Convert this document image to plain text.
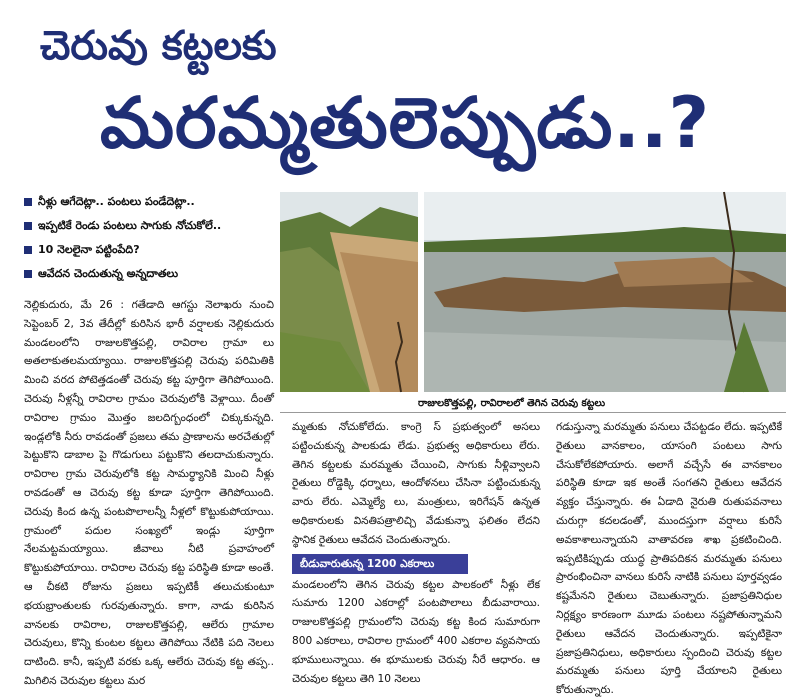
చెరువు కట్టలకు
మరమ్మతులెప్పుడు..?
నీళ్లు ఆగేదెట్లా.. పంటలు పండేదెట్లా..
ఇప్పటికే రెండు పంటలు సాగుకు నోచుకోలే..
10 నెలలైనా పట్టింపేది?
ఆవేదన చెందుతున్న అన్నదాతలు
రాజులకొత్తపల్లి, రావిరాలలో తెగిన చెరువు కట్టలు

నెల్లికుదురు, మే 26 : గతేడాది ఆగస్టు నెలాఖరు నుంచి సెప్టెంబర్ 2, 3వ తేదీల్లో కురిసిన భారీ వర్షాలకు నెల్లికుదురు మండలంలోని రాజులకొత్తపల్లి, రావిరాల గ్రామా లు అతలాకుతలమయ్యాయి. రాజులకొత్తపల్లి చెరువు పరిమితికి మించి వరద పోటెత్తడంతో చెరువు కట్ట పూర్తిగా తెగిపోయింది. చెరువు నీళ్లన్నీ రావిరాల గ్రామం చెరువులోకి వెళ్లాయి. దీంతో రావిరాల గ్రామం మొత్తం జలదిగ్బంధంలో చిక్కుకున్నది. ఇండ్లలోకి నీరు రావడంతో ప్రజలు తమ ప్రాణాలను అరచేతుల్లో పెట్టుకొని డాబాల పై గొడుగులు పట్టుకొని తలదాచుకున్నారు. రావిరాల గ్రామ చెరువులోకి కట్ట సామర్థ్యానికి మించి నీళ్లు రావడంతో ఆ చెరువు కట్ట కూడా పూర్తిగా తెగిపోయింది. చెరువు కింద ఉన్న పంటపొలాలన్నీ నీళ్లలో కొట్టుకుపోయాయి. గ్రామంలో పదుల సంఖ్యలో ఇండ్లు పూర్తిగా నేలమట్టమయ్యాయి. జీవాలు నీటి ప్రవాహంలో కొట్టుకుపోయాయి. రావిరాల చెరువు కట్ట పరిస్థితి కూడా అంతే. ఆ చీకటి రోజును ప్రజలు ఇప్పటికీ తలుచుకుంటూ భయభ్రాంతులకు గురవుతున్నారు. కాగా, నాడు కురిసిన వానలకు రావిరాల, రాజులకొత్తపల్లి, ఆలేరు గ్రామాల చెరువులు, కొన్ని కుంటల కట్టలు తెగిపోయి నేటికి పది నెలలు దాటింది. కానీ, ఇప్పటి వరకు ఒక్క ఆలేరు చెరువు కట్ట తప్ప.. మిగిలిన చెరువుల కట్టలు మర

మ్మతుకు నోచుకోలేదు. కాంగ్రె స్ ప్రభుత్వంలో అసలు పట్టించుకున్న పాలకుడు లేడు. ప్రభుత్వ అధికారులు లేరు. తెగిన కట్టలకు మరమ్మతు చేయించి, సాగుకు నీళ్లివ్వాలని రైతులు రోడ్డెక్కి ధర్నాలు, ఆందోళనలు చేసినా పట్టించుకున్న వారు లేరు. ఎమ్మెల్యే లు, మంత్రులు, ఇరిగేషన్ ఉన్నత అధికారులకు వినతిపత్రాలిచ్చి వేడుకున్నా ఫలితం లేదని స్థానిక రైతులు ఆవేదన చెందుతున్నారు.

బీడువారుతున్న 1200 ఎకరాలు

మండలంలోని తెగిన చెరువు కట్టల పాలకంలో నీళ్లు లేక సుమారు 1200 ఎకరాల్లో పంటపొలాలు బీడువారాయి. రాజులకొత్తపల్లి గ్రామంలోని చెరువు కట్ట కింద సుమారుగా 800 ఎకరాలు, రావిరాల గ్రామంలో 400 ఎకరాల వ్యవసాయ భూములున్నాయి. ఈ భూములకు చెరువు నీరే ఆధారం. ఆ చెరువుల కట్టలు తెగి 10 నెలలు

గడుస్తున్నా మరమ్మతు పనులు చేపట్టడం లేదు. ఇప్పటికే రైతులు వానకాలం, యాసంగి పంటలు సాగు చేసుకోలేకపోయారు. అలాగే వచ్చేసే ఈ వానకాలం పరిస్థితి కూడా ఇక అంతే సంగతని రైతులు ఆవేదన వ్యక్తం చేస్తున్నారు. ఈ ఏడాది నైరుతి రుతుపవనాలు చురుగ్గా కదలడంతో, ముందస్తుగా వర్షాలు కురిసే అవకాశాలున్నాయని వాతావరణ శాఖ ప్రకటించింది. ఇప్పటికిప్పుడు యుద్ధ ప్రాతిపదికన మరమ్మతు పనులు ప్రారంభించినా వానలు కురిసే నాటికి పనులు పూర్తవ్వడం కష్టమేనని రైతులు చెబుతున్నారు. ప్రజాప్రతినిధుల నిర్లక్ష్యం కారణంగా మూడు పంటలు నష్టపోతున్నామని రైతులు ఆవేదన చెందుతున్నారు. ఇప్పటికైనా ప్రజాప్రతినిధులు, అధికారులు స్పందించి చెరువు కట్టల మరమ్మతు పనులు పూర్తి చేయాలని రైతులు కోరుతున్నారు.
